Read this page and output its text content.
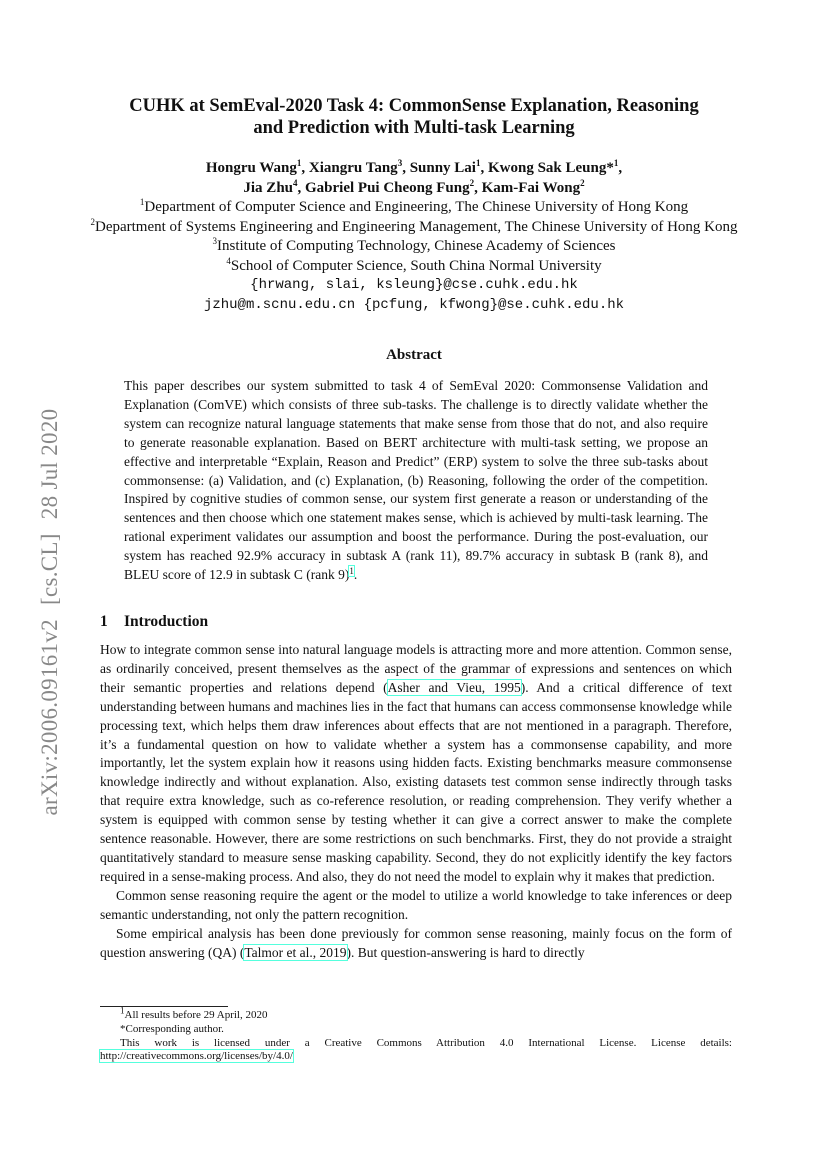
arXiv:2006.09161v2 [cs.CL] 28 Jul 2020
CUHK at SemEval-2020 Task 4: CommonSense Explanation, Reasoning
and Prediction with Multi-task Learning
Hongru Wang$^1$, Xiangru Tang$^3$, Sunny Lai$^1$, Kwong Sak Leung*$^1$,
Jia Zhu$^4$, Gabriel Pui Cheong Fung$^2$, Kam-Fai Wong$^2$
$^1$Department of Computer Science and Engineering, The Chinese University of Hong Kong
$^2$Department of Systems Engineering and Engineering Management, The Chinese University of Hong Kong
$^3$Institute of Computing Technology, Chinese Academy of Sciences
$^4$School of Computer Science, South China Normal University
{hrwang, slai, ksleung}@cse.cuhk.edu.hk
jzhu@m.scnu.edu.cn {pcfung, kfwong}@se.cuhk.edu.hk
Abstract
This paper describes our system submitted to task 4 of SemEval 2020: Commonsense Validation and Explanation (ComVE) which consists of three sub-tasks. The challenge is to directly validate whether the system can recognize natural language statements that make sense from those that do not, and also require to generate reasonable explanation. Based on BERT architecture with multi-task setting, we propose an effective and interpretable “Explain, Reason and Predict” (ERP) system to solve the three sub-tasks about commonsense: (a) Validation, and (c) Explanation, (b) Reasoning, following the order of the competition. Inspired by cognitive studies of common sense, our system first generate a reason or understanding of the sentences and then choose which one statement makes sense, which is achieved by multi-task learning. The rational experiment validates our assumption and boost the performance. During the post-evaluation, our system has reached 92.9% accuracy in subtask A (rank 11), 89.7% accuracy in subtask B (rank 8), and BLEU score of 12.9 in subtask C (rank 9)$^1$.
1 Introduction

How to integrate common sense into natural language models is attracting more and more attention. Common sense, as ordinarily conceived, present themselves as the aspect of the grammar of expressions and sentences on which their semantic properties and relations depend (Asher and Vieu, 1995). And a critical difference of text understanding between humans and machines lies in the fact that humans can access commonsense knowledge while processing text, which helps them draw inferences about effects that are not mentioned in a paragraph. Therefore, it’s a fundamental question on how to validate whether a system has a commonsense capability, and more importantly, let the system explain how it reasons using hidden facts. Existing benchmarks measure commonsense knowledge indirectly and without explanation. Also, existing datasets test common sense indirectly through tasks that require extra knowledge, such as co-reference resolution, or reading comprehension. They verify whether a system is equipped with common sense by testing whether it can give a correct answer to make the complete sentence reasonable. However, there are some restrictions on such benchmarks. First, they do not provide a straight quantitatively standard to measure sense masking capability. Second, they do not explicitly identify the key factors required in a sense-making process. And also, they do not need the model to explain why it makes that prediction.

Common sense reasoning require the agent or the model to utilize a world knowledge to take inferences or deep semantic understanding, not only the pattern recognition.

Some empirical analysis has been done previously for common sense reasoning, mainly focus on the form of question answering (QA) (Talmor et al., 2019). But question-answering is hard to directly

$^1$All results before 29 April, 2020
*Corresponding author.
This work is licensed under a Creative Commons Attribution 4.0 International License. License details:
http://creativecommons.org/licenses/by/4.0/
